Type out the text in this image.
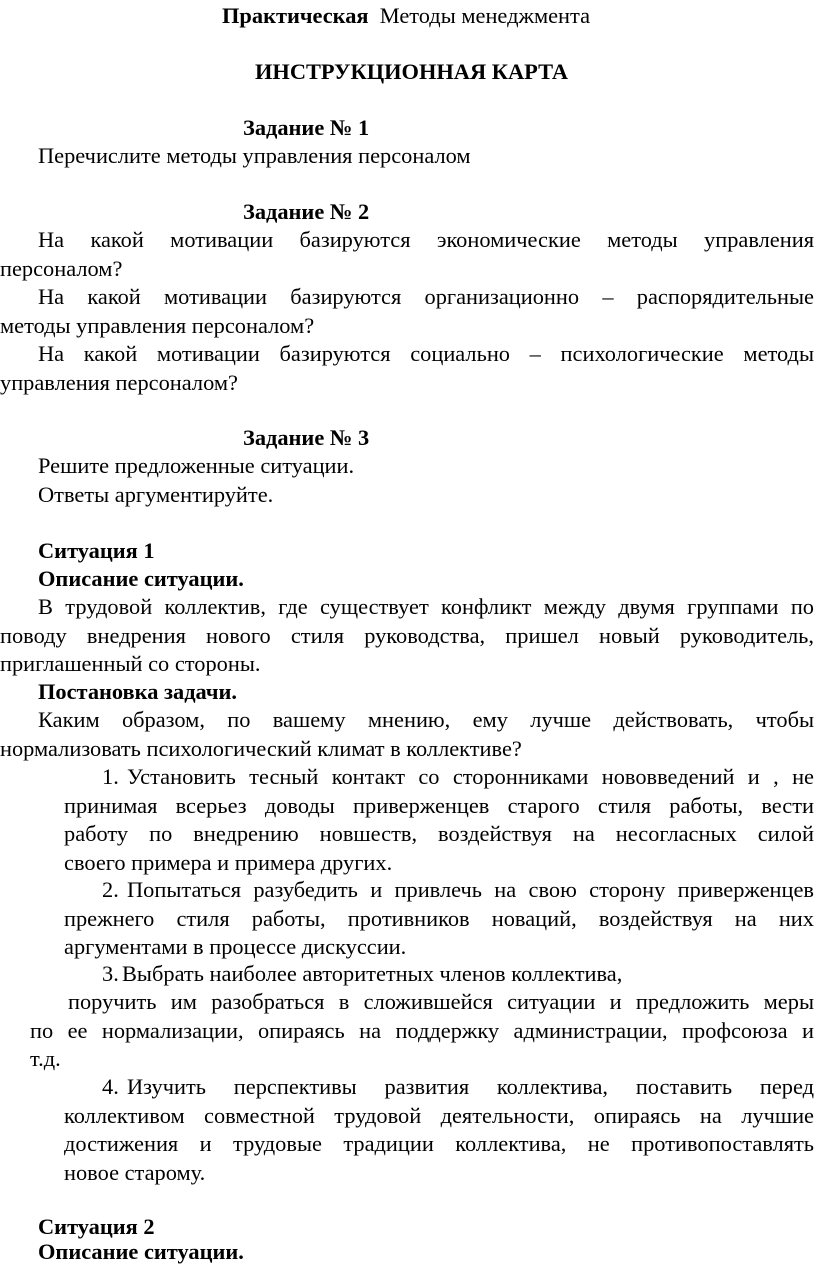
Практическая Методы менеджмента
ИНСТРУКЦИОННАЯ КАРТА
Задание № 1
Перечислите методы управления персоналом
Задание № 2
На какой мотивации базируются экономические методы управления
персоналом?
На какой мотивации базируются организационно – распорядительные
методы управления персоналом?
На какой мотивации базируются социально – психологические методы
управления персоналом?
Задание № 3
Решите предложенные ситуации.
Ответы аргументируйте.
Ситуация 1
Описание ситуации.
В трудовой коллектив, где существует конфликт между двумя группами по
поводу внедрения нового стиля руководства, пришел новый руководитель,
приглашенный со стороны.
Постановка задачи.
Каким образом, по вашему мнению, ему лучше действовать, чтобы
нормализовать психологический климат в коллективе?
1. Установить тесный контакт со сторонниками нововведений и , не
принимая всерьез доводы приверженцев старого стиля работы, вести
работу по внедрению новшеств, воздействуя на несогласных силой
своего примера и примера других.
2. Попытаться разубедить и привлечь на свою сторону приверженцев
прежнего стиля работы, противников новаций, воздействуя на них
аргументами в процессе дискуссии.
3. Выбрать наиболее авторитетных членов коллектива,
поручить им разобраться в сложившейся ситуации и предложить меры
по ее нормализации, опираясь на поддержку администрации, профсоюза и
т.д.
4. Изучить перспективы развития коллектива, поставить перед
коллективом совместной трудовой деятельности, опираясь на лучшие
достижения и трудовые традиции коллектива, не противопоставлять
новое старому.
Ситуация 2
Описание ситуации.
